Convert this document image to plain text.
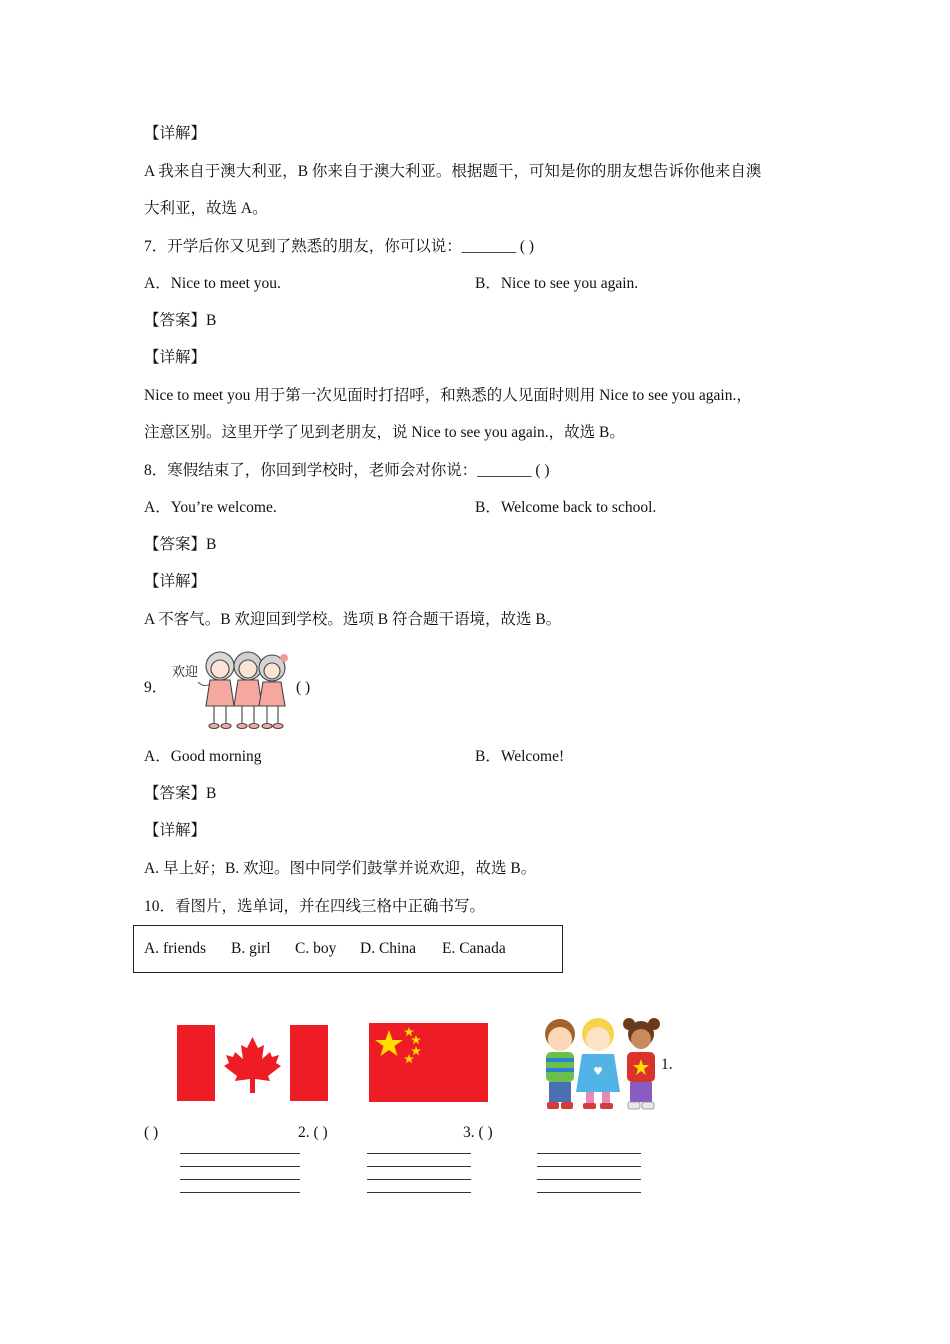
【详解】
A 我来自于澳大利亚，B 你来自于澳大利亚。根据题干，可知是你的朋友想告诉你他来自澳
大利亚，故选 A。
7．开学后你又见到了熟悉的朋友，你可以说：_______ ( )
A．Nice to meet you.	B．Nice to see you again.
【答案】B
【详解】
Nice to meet you 用于第一次见面时打招呼，和熟悉的人见面时则用 Nice to see you again.，
注意区别。这里开学了见到老朋友，说 Nice to see you again.，故选 B。
8．寒假结束了，你回到学校时，老师会对你说：_______ ( )
A．You’re welcome.	B．Welcome back to school.
【答案】B
【详解】
A 不客气。B 欢迎回到学校。选项 B 符合题干语境，故选 B。
9．
欢迎
( )
A．Good morning	B．Welcome!
【答案】B
【详解】
A. 早上好；B. 欢迎。图中同学们鼓掌并说欢迎，故选 B。
10．看图片，选单词，并在四线三格中正确书写。
A. friends B. girl C. boy D. China E. Canada
1.
( )	2. ( )	3. ( )
